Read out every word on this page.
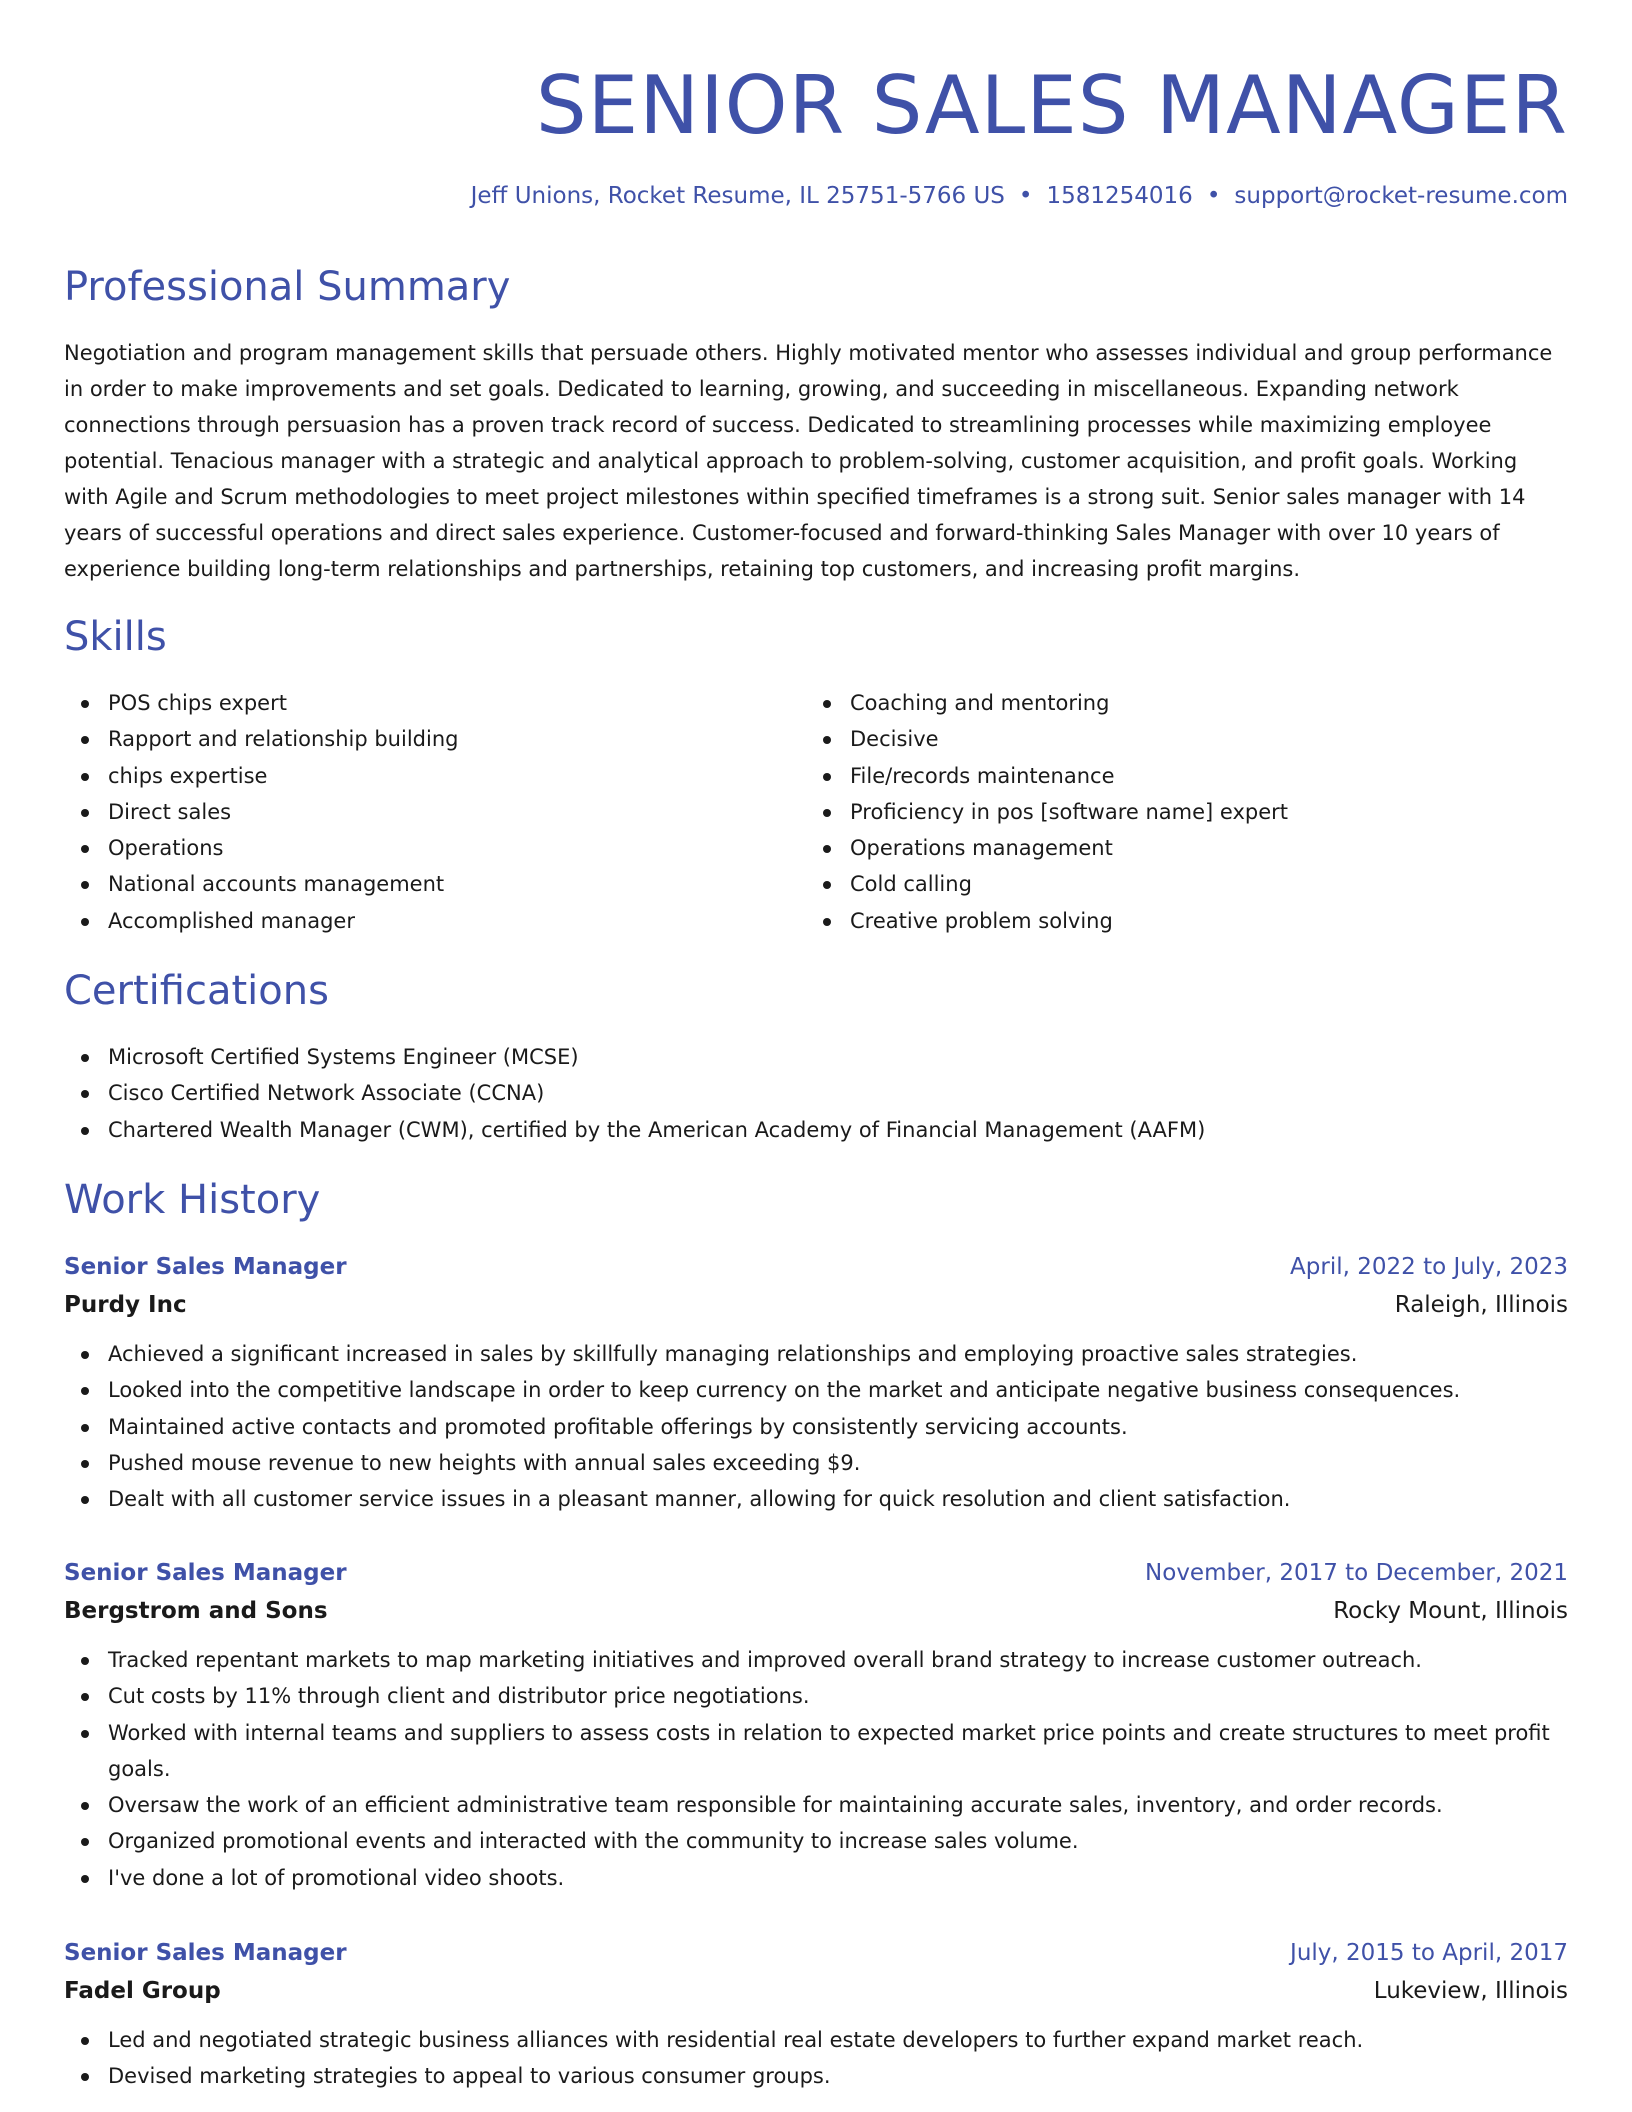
SENIOR SALES MANAGER
Jeff Unions, Rocket Resume, IL 25751-5766 US • 1581254016 • support@rocket-resume.com
Professional Summary

Negotiation and program management skills that persuade others. Highly motivated mentor who assesses individual and group performance in order to make improvements and set goals. Dedicated to learning, growing, and succeeding in miscellaneous. Expanding network connections through persuasion has a proven track record of success. Dedicated to streamlining processes while maximizing employee potential. Tenacious manager with a strategic and analytical approach to problem-solving, customer acquisition, and profit goals. Working with Agile and Scrum methodologies to meet project milestones within specified timeframes is a strong suit. Senior sales manager with 14 years of successful operations and direct sales experience. Customer-focused and forward-thinking Sales Manager with over 10 years of experience building long-term relationships and partnerships, retaining top customers, and increasing profit margins.

Skills
POS chips expert
Rapport and relationship building
chips expertise
Direct sales
Operations
National accounts management
Accomplished manager
Coaching and mentoring
Decisive
File/records maintenance
Proficiency in pos [software name] expert
Operations management
Cold calling
Creative problem solving
Certifications
Microsoft Certified Systems Engineer (MCSE)
Cisco Certified Network Associate (CCNA)
Chartered Wealth Manager (CWM), certified by the American Academy of Financial Management (AAFM)
Work History
Senior Sales Manager	April, 2022 to July, 2023
Purdy Inc	Raleigh, Illinois
Achieved a significant increased in sales by skillfully managing relationships and employing proactive sales strategies.
Looked into the competitive landscape in order to keep currency on the market and anticipate negative business consequences.
Maintained active contacts and promoted profitable offerings by consistently servicing accounts.
Pushed mouse revenue to new heights with annual sales exceeding $9.
Dealt with all customer service issues in a pleasant manner, allowing for quick resolution and client satisfaction.
Senior Sales Manager	November, 2017 to December, 2021
Bergstrom and Sons	Rocky Mount, Illinois
Tracked repentant markets to map marketing initiatives and improved overall brand strategy to increase customer outreach.
Cut costs by 11% through client and distributor price negotiations.
Worked with internal teams and suppliers to assess costs in relation to expected market price points and create structures to meet profit goals.
Oversaw the work of an efficient administrative team responsible for maintaining accurate sales, inventory, and order records.
Organized promotional events and interacted with the community to increase sales volume.
I've done a lot of promotional video shoots.
Senior Sales Manager	July, 2015 to April, 2017
Fadel Group	Lukeview, Illinois
Led and negotiated strategic business alliances with residential real estate developers to further expand market reach.
Devised marketing strategies to appeal to various consumer groups.
